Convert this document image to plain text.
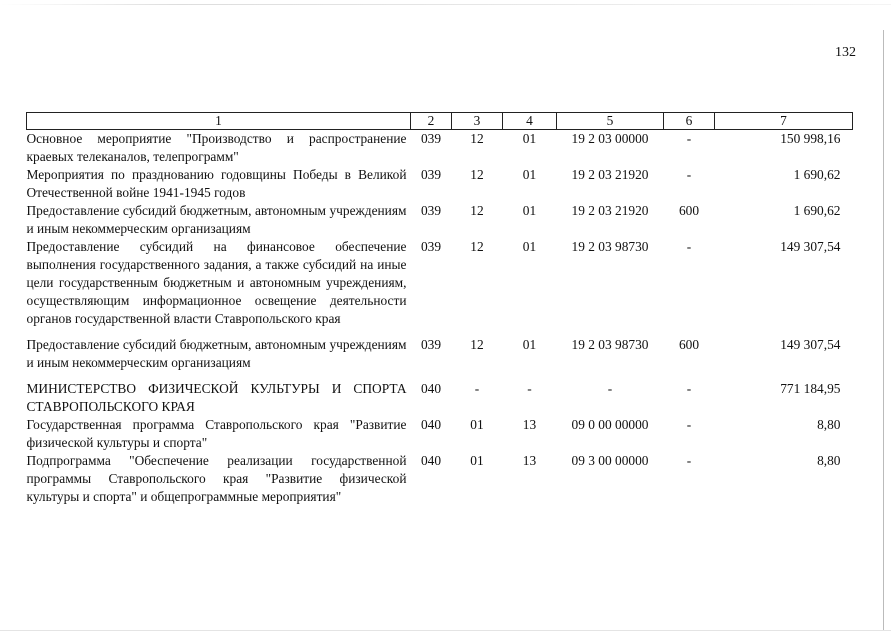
132
1	2	3	4	5	6	7
Основное мероприятие "Производство и распространение краевых телеканалов, телепрограмм"	039	12	01	19 2 03 00000	-	150 998,16
Мероприятия по празднованию годовщины Победы в Великой Отечественной войне 1941-1945 годов	039	12	01	19 2 03 21920	-	1 690,62
Предоставление субсидий бюджетным, автономным учреждениям и иным некоммерческим организациям	039	12	01	19 2 03 21920	600	1 690,62
Предоставление субсидий на финансовое обеспечение выполнения государственного задания, а также субсидий на иные цели государственным бюджетным и автономным учреждениям, осуществляющим информационное освещение деятельности органов государственной власти Ставропольского края	039	12	01	19 2 03 98730	-	149 307,54
Предоставление субсидий бюджетным, автономным учреждениям и иным некоммерческим организациям	039	12	01	19 2 03 98730	600	149 307,54
МИНИСТЕРСТВО ФИЗИЧЕСКОЙ КУЛЬТУРЫ И СПОРТА СТАВРОПОЛЬСКОГО КРАЯ	040	-	-	-	-	771 184,95
Государственная программа Ставропольского края "Развитие физической культуры и спорта"	040	01	13	09 0 00 00000	-	8,80
Подпрограмма "Обеспечение реализации государственной программы Ставропольского края "Развитие физической культуры и спорта" и общепрограммные мероприятия"	040	01	13	09 3 00 00000	-	8,80
